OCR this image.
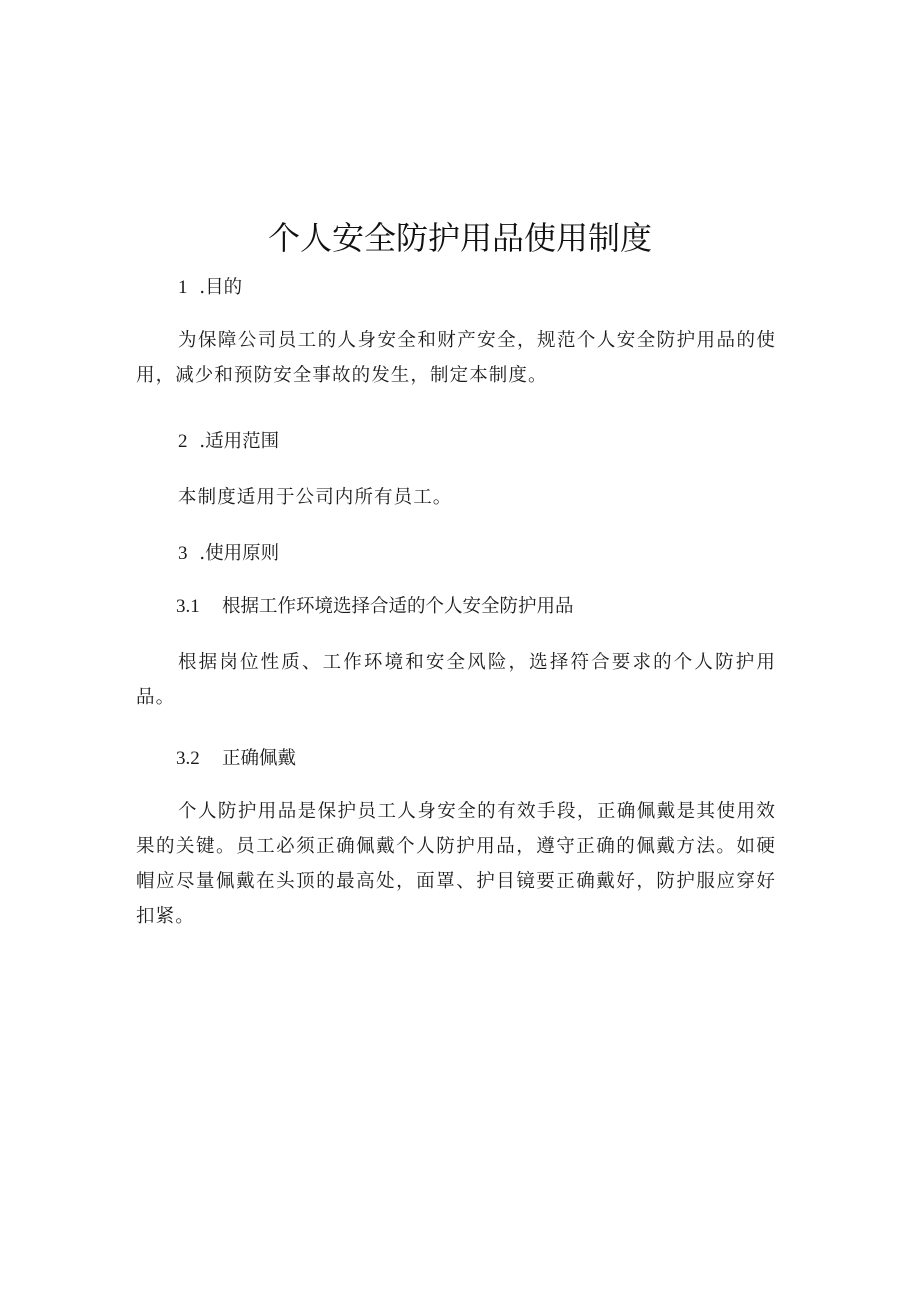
个人安全防护用品使用制度

1 .目的

为保障公司员工的人身安全和财产安全，规范个人安全防护用品的使用，减少和预防安全事故的发生，制定本制度。

2 .适用范围

本制度适用于公司内所有员工。

3 .使用原则

3.1 根据工作环境选择合适的个人安全防护用品

根据岗位性质、工作环境和安全风险，选择符合要求的个人防护用品。

3.2 正确佩戴

个人防护用品是保护员工人身安全的有效手段，正确佩戴是其使用效果的关键。员工必须正确佩戴个人防护用品，遵守正确的佩戴方法。如硬帽应尽量佩戴在头顶的最高处，面罩、护目镜要正确戴好，防护服应穿好扣紧。
